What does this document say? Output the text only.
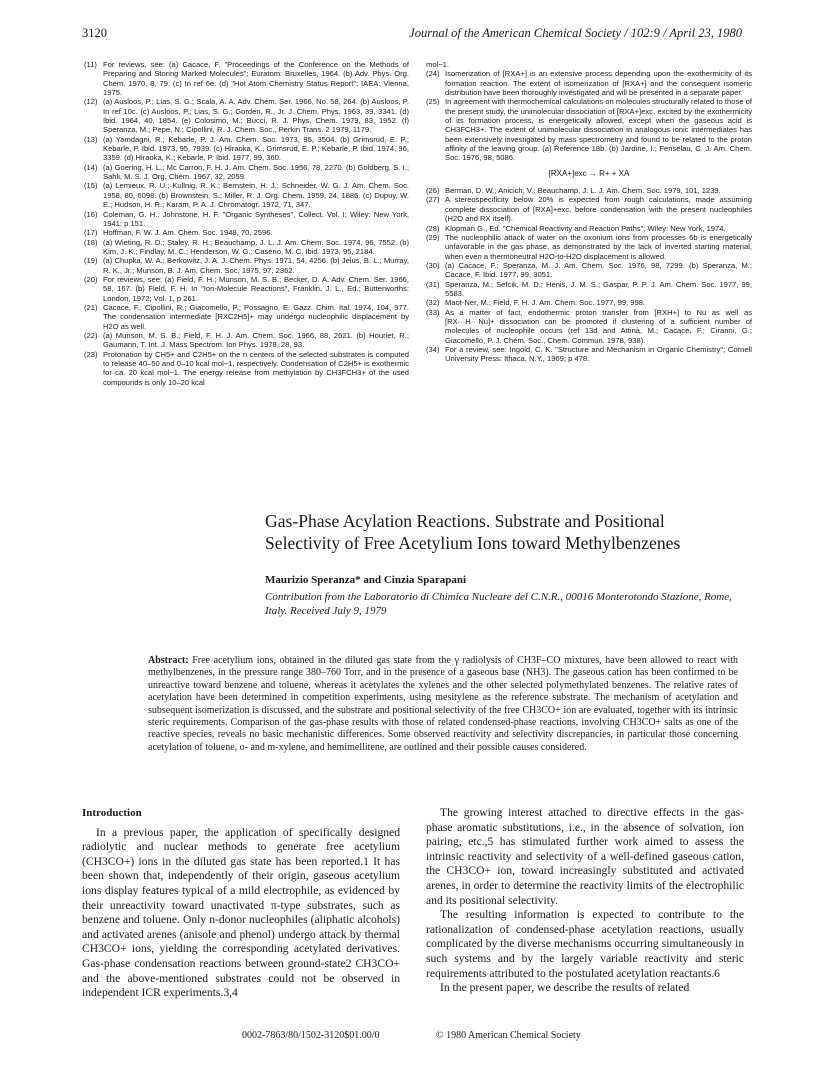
3120	Journal of the American Chemical Society / 102:9 / April 23, 1980
(11) For reviews, see: (a) Cacace, F. "Proceedings of the Conference on the Methods of Preparing and Storing Marked Molecules"; Euratom: Bruxelles, 1964. (b) Adv. Phys. Org. Chem. 1970, 8, 79. (c) In ref 6e. (d) "Hot Atom Chemistry Status Report"; IAEA: Vienna, 1975.
(12) (a) Ausloos, P.; Lias, S. G.; Scala, A. A. Adv. Chem. Ser. 1966, No. 58, 264. (b) Ausloos, P. In ref 10c. (c) Ausloos, P.; Lias, S. G.; Gorden, R., Jr. J. Chem. Phys. 1963, 39, 3341. (d) Ibid. 1964, 40, 1854. (e) Colosimo, M.; Bucci, R. J. Phys. Chem. 1979, 83, 1952. (f) Speranza, M.; Pepe, N.; Cipollini, R. J. Chem. Soc., Perkin Trans. 2 1979, 1179.
(13) (a) Yamdagni, R.; Kebarle, P. J. Am. Chem. Soc. 1973, 95, 3504. (b) Grimsrud, E. P.; Kebarle, P. Ibid. 1973, 95, 7939. (c) Hiraoka, K.; Grimsrud, E. P.; Kebarle, P. Ibid. 1974, 96, 3359. (d) Hiraoka, K.; Kebarle, P. Ibid. 1977, 99, 360.
(14) (a) Goering, H. L.; Mc Carron, F. H. J. Am. Chem. Soc. 1956, 78, 2270. (b) Goldberg, S. I.; Sahli, M. S. J. Org. Chem. 1967, 32, 2059.
(15) (a) Lemieux, R. U.; Kullnig, R. K.; Bernstein, H. J.; Schneider, W. G. J. Am. Chem. Soc. 1958, 80, 6098. (b) Brownstein, S.; Miller, R. J. Org. Chem. 1959, 24, 1886. (c) Dupuy, W. E.; Hudson, H. R.; Karam, P. A. J. Chromatogr. 1972, 71, 347.
(16) Coleman, G. H.; Johnstone, H. F. "Organic Syntheses", Collect. Vol. I; Wiley: New York, 1941; p 151.
(17) Hoffman, F. W. J. Am. Chem. Soc. 1948, 70, 2596.
(18) (a) Wieting, R. D.; Staley, R. H.; Beauchamp, J. L. J. Am. Chem. Soc. 1974, 96, 7552. (b) Kim, J. K.; Findlay, M. C.; Henderson, W. G.; Caserio, M. C. Ibid. 1973, 95, 2184.
(19) (a) Chupka, W. A.; Berkowitz, J. A. J. Chem. Phys. 1971, 54, 4256. (b) Jelus, B. L.; Murray, R. K., Jr.; Munson, B. J. Am. Chem. Soc. 1975, 97, 2362.
(20) For reviews, see: (a) Field, F. H.; Munson, M. S. B.; Becker, D. A. Adv. Chem. Ser. 1966, 58, 167. (b) Field, F. H. In "Ion-Molecule Reactions", Franklin, J. L., Ed.; Butterworths: London, 1972; Vol. 1, p 261.
(21) Cacace, F.; Cipollini, R.; Giacomello, P.; Possagno, E. Gazz. Chim. Ital. 1974, 104, 977. The condensation intermediate [RXC2H5]+ may undergo nucleophilic displacement by H2O as well.
(22) (a) Munson, M. S. B.; Field, F. H. J. Am. Chem. Soc. 1966, 88, 2621. (b) Houriet, R.; Gaumann, T. Int. J. Mass Spectrom. Ion Phys. 1978, 28, 93.
(23) Protonation by CH5+ and C2H5+ on the n centers of the selected substrates is computed to release 40–50 and 0–10 kcal mol−1, respectively. Condensation of C2H5+ is exothermic for ca. 20 kcal mol−1. The energy release from methylation by CH3FCH3+ of the used compounds is only 10–20 kcal
mol−1.
(24) Isomerization of [RXA+] is an extensive process depending upon the exothermicity of its formation reaction. The extent of isomerization of [RXA+] and the consequent isomeric distribution have been thoroughly investigated and will be presented in a separate paper.
(25) In agreement with thermochemical calculations on molecules structurally related to those of the present study, the unimolecular dissociation of [RXA+]exc, excited by the exothermicity of its formation process, is energetically allowed, except when the gaseous acid is CH3FCH3+. The extent of unimolecular dissociation in analogous ionic intermediates has been extensively investigated by mass spectrometry and found to be related to the proton affinity of the leaving group. (a) Reference 18b. (b) Jardine, I.; Fenselau, C. J. Am. Chem. Soc. 1976, 98, 5086.
[RXA+]exc → R+ + XA
(26) Berman, D. W.; Anicich, V.; Beauchamp, J. L. J. Am. Chem. Soc. 1979, 101, 1239.
(27) A stereospecificity below 20% is expected from rough calculations, made assuming complete dissociation of [RXA]+exc, before condensation with the present nucleophiles (H2O and RX itself).
(28) Klopman G., Ed. "Chemical Reactivity and Reaction Paths"; Wiley: New York, 1974.
(29) The nucleophilic attack of water on the oxonium ions from processes 6b is energetically unfavorable in the gas phase, as demonstrated by the lack of inverted starting material, when even a thermoneutral H2O-to-H2O displacement is allowed.
(30) (a) Cacace, F.; Speranza, M. J. Am. Chem. Soc. 1976, 98, 7299. (b) Speranza, M.; Cacace, F. Ibid. 1977, 99, 3051.
(31) Speranza, M.; Sefcik, M. D.; Henis, J. M. S.; Gaspar, P. P. J. Am. Chem. Soc. 1977, 99, 5583.
(32) Maot-Ner, M.; Field, F. H. J. Am. Chem. Soc. 1977, 99, 998.
(33) As a matter of fact, endothermic proton transfer from [RXH+] to Nu as well as [RX···H···Nu]+ dissociation can be promoted if clustering of a sufficient number of molecules of nucleophile occurs (ref 13d and Attinà, M.; Cacace, F.; Ciranni, G.; Giacomello, P. J. Chem. Soc., Chem. Commun. 1978, 938).
(34) For a review, see: Ingold, C. K. "Structure and Mechanism in Organic Chemistry"; Cornell University Press: Ithaca, N.Y., 1969; p 478.
Gas-Phase Acylation Reactions. Substrate and Positional Selectivity of Free Acetylium Ions toward Methylbenzenes
Maurizio Speranza* and Cinzia Sparapani
Contribution from the Laboratorio di Chimica Nucleare del C.N.R., 00016 Monterotondo Stazione, Rome, Italy. Received July 9, 1979
Abstract: Free acetylium ions, obtained in the diluted gas state from the γ radiolysis of CH3F–CO mixtures, have been allowed to react with methylbenzenes, in the pressure range 380–760 Torr, and in the presence of a gaseous base (NH3). The gaseous cation has been confirmed to be unreactive toward benzene and toluene, whereas it acetylates the xylenes and the other selected polymethylated benzenes. The relative rates of acetylation have been determined in competition experiments, using mesitylene as the reference substrate. The mechanism of acetylation and subsequent isomerization is discussed, and the substrate and positional selectivity of the free CH3CO+ ion are evaluated, together with its intrinsic steric requirements. Comparison of the gas-phase results with those of related condensed-phase reactions, involving CH3CO+ salts as one of the reactive species, reveals no basic mechanistic differences. Some observed reactivity and selectivity discrepancies, in particular those concerning acetylation of toluene, o- and m-xylene, and hemimellitene, are outlined and their possible causes considered.
Introduction

In a previous paper, the application of specifically designed radiolytic and nuclear methods to generate free acetylium (CH3CO+) ions in the diluted gas state has been reported.1 It has been shown that, independently of their origin, gaseous acetylium ions display features typical of a mild electrophile, as evidenced by their unreactivity toward unactivated π-type substrates, such as benzene and toluene. Only n-donor nucleophiles (aliphatic alcohols) and activated arenes (anisole and phenol) undergo attack by thermal CH3CO+ ions, yielding the corresponding acetylated derivatives. Gas-phase condensation reactions between ground-state2 CH3CO+ and the above-mentioned substrates could not be observed in independent ICR experiments.3,4

The growing interest attached to directive effects in the gas-phase aromatic substitutions, i.e., in the absence of solvation, ion pairing, etc.,5 has stimulated further work aimed to assess the intrinsic reactivity and selectivity of a well-defined gaseous cation, the CH3CO+ ion, toward increasingly substituted and activated arenes, in order to determine the reactivity limits of the electrophilic and its positional selectivity.

The resulting information is expected to contribute to the rationalization of condensed-phase acetylation reactions, usually complicated by the diverse mechanisms occurring simultaneously in such systems and by the largely variable reactivity and steric requirements attributed to the postulated acetylation reactants.6

In the present paper, we describe the results of related

0002-7863/80/1502-3120$01.00/0	© 1980 American Chemical Society
